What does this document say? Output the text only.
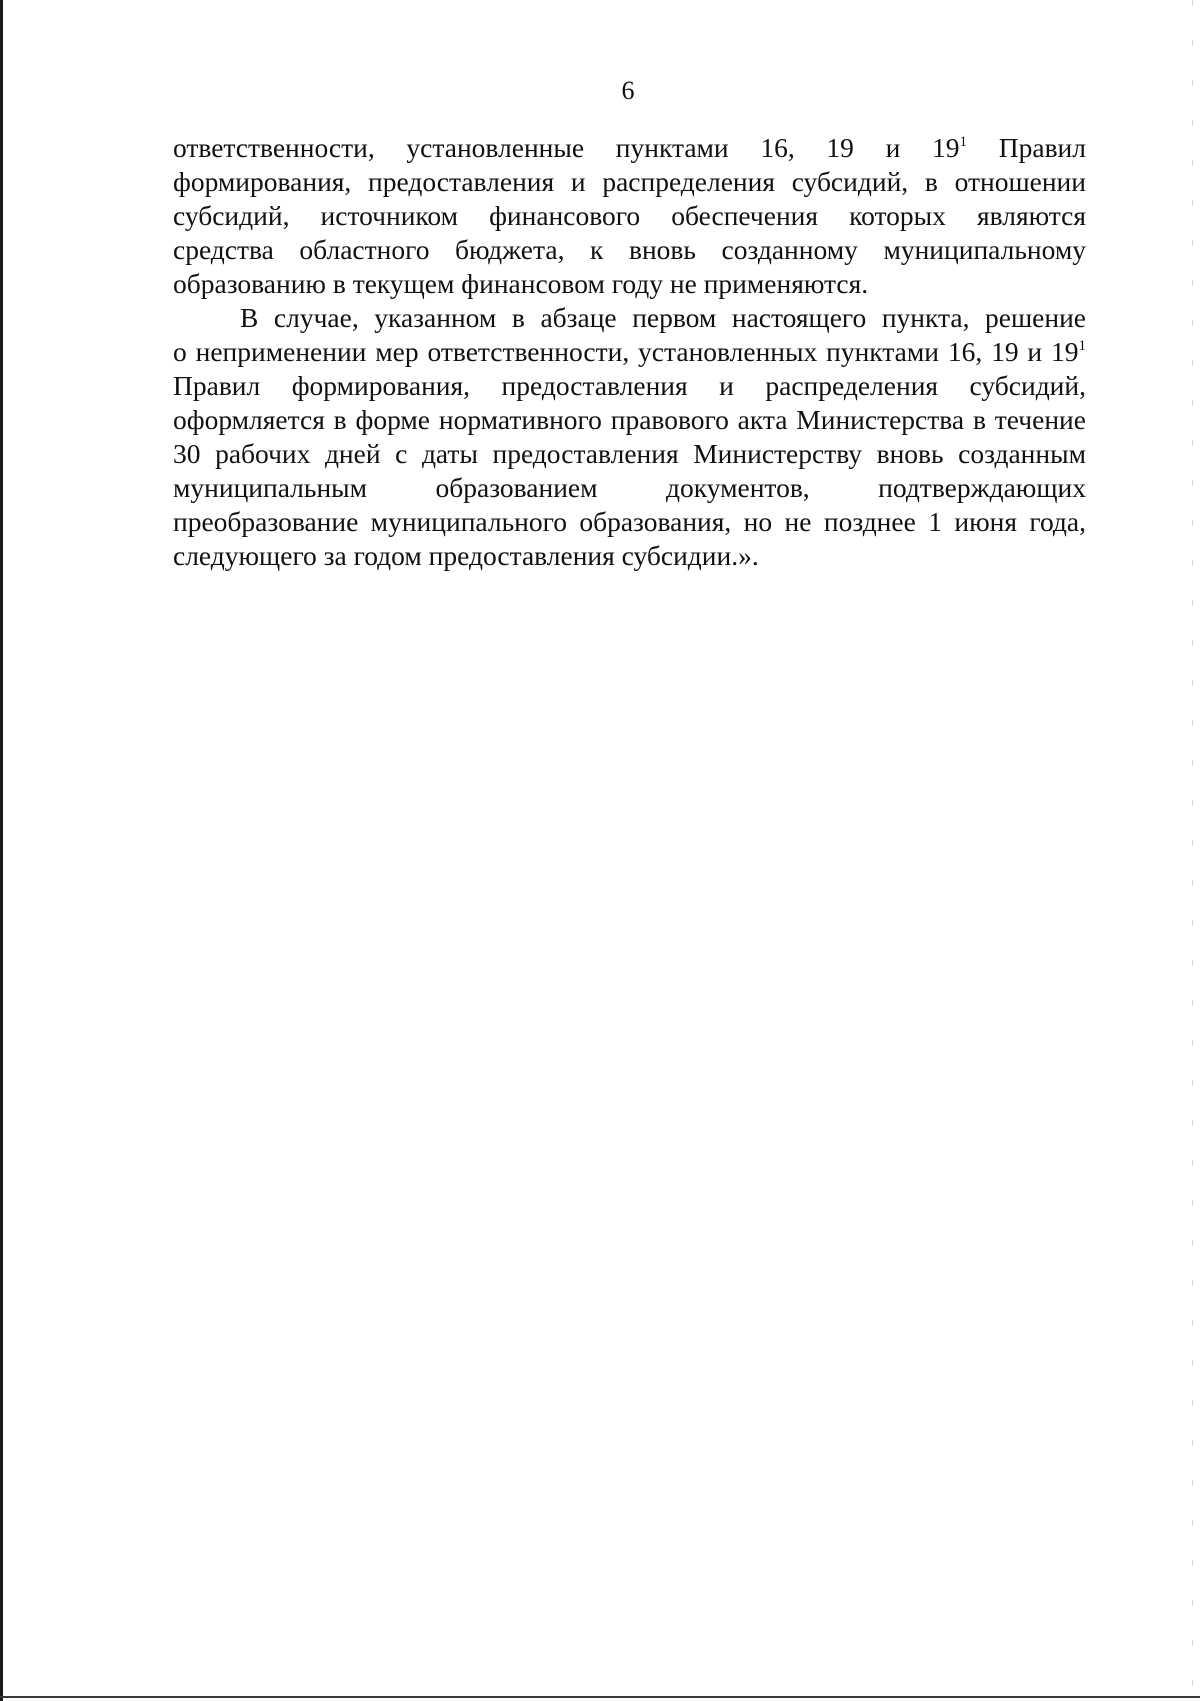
6

ответственности, установленные пунктами 16, 19 и $19^1$ Правил
формирования, предоставления и распределения субсидий, в отношении
субсидий, источником финансового обеспечения которых являются
средства областного бюджета, к вновь созданному муниципальному
образованию в текущем финансовом году не применяются.

В случае, указанном в абзаце первом настоящего пункта, решение
о неприменении мер ответственности, установленных пунктами 16, 19 и $19^1$
Правил формирования, предоставления и распределения субсидий,
оформляется в форме нормативного правового акта Министерства в течение
30 рабочих дней с даты предоставления Министерству вновь созданным
муниципальным образованием документов, подтверждающих
преобразование муниципального образования, но не позднее 1 июня года,
следующего за годом предоставления субсидии.».
